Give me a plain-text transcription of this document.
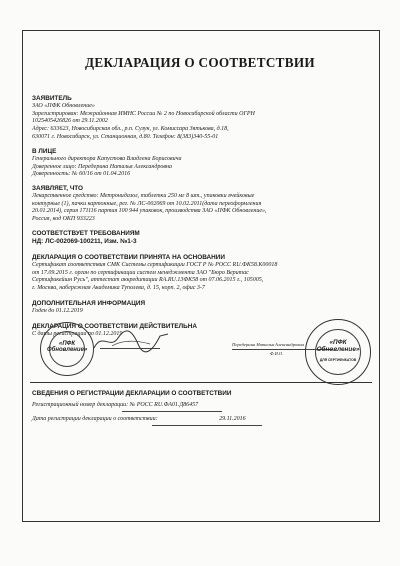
ДЕКЛАРАЦИЯ О СООТВЕТСТВИИ
ЗАЯВИТЕЛЬ
ЗАО «ПФК Обновление»
Зарегистрирован: Межрайонная ИМНС России № 2 по Новосибирской области ОГРН
1025405426826 от 29.11.2002
Адрес: 633623, Новосибирская обл., р.п. Сузун, ул. Комиссара Зятькова, д.18,
630071 г. Новосибирск, ул. Станционная, д.80. Телефон: 8(383)340-55-01
В ЛИЦЕ
Генерального директора Капустова Владлена Борисовича
Доверенное лицо: Передерина Наталья Александровна
Доверенность: № 60/16 от 01.04.2016
ЗАЯВЛЯЕТ, ЧТО
Лекарственное средство: Метронидазол, таблетки 250 мг 8 шт., упаковки ячейковые
контурные (1), пачки картонные, рег. № ЛС-002069 от 10.02.2011(дата переоформления
20.01.2014), серия 171116 партия 100 944 упаковок, производства ЗАО «ПФК Обновление»,
Россия, код ОКП 933223
СООТВЕТСТВУЕТ ТРЕБОВАНИЯМ
НД: ЛС-002069-100211, Изм. №1-3
ДЕКЛАРАЦИЯ О СООТВЕТСТВИИ ПРИНЯТА НА ОСНОВАНИИ
Сертификат соответствия СМК Системы сертификации ГОСТ Р № РОСС RU.ФК58.К00018
от 17.09.2015 г. орган по сертификации систем менеджмента ЗАО "Бюро Веритас
Сертификейшн Русь", аттестат аккредитации RA.RU.13ФК58 от 07.06.2015 г., 105005,
г. Москва, набережная Академика Туполева, д. 15, корп. 2, офис 3-7
ДОПОЛНИТЕЛЬНАЯ ИНФОРМАЦИЯ
Годен до 01.12.2019
ДЕКЛАРАЦИЯ О СООТВЕТСТВИИ ДЕЙСТВИТЕЛЬНА
С даты регистрации по 01.12.2019
Передерина Наталья Александровна
Ф.И.О.
«ПФК Обновление»
«ПФК Обновление»
ДЛЯ СЕРТИФИКАТОВ
СВЕДЕНИЯ О РЕГИСТРАЦИИ ДЕКЛАРАЦИИ О СООТВЕТСТВИИ
Регистрационный номер декларации: № РОСС RU.ФА01.Д86457
Дата регистрации декларации о соответствии:	29.11.2016
